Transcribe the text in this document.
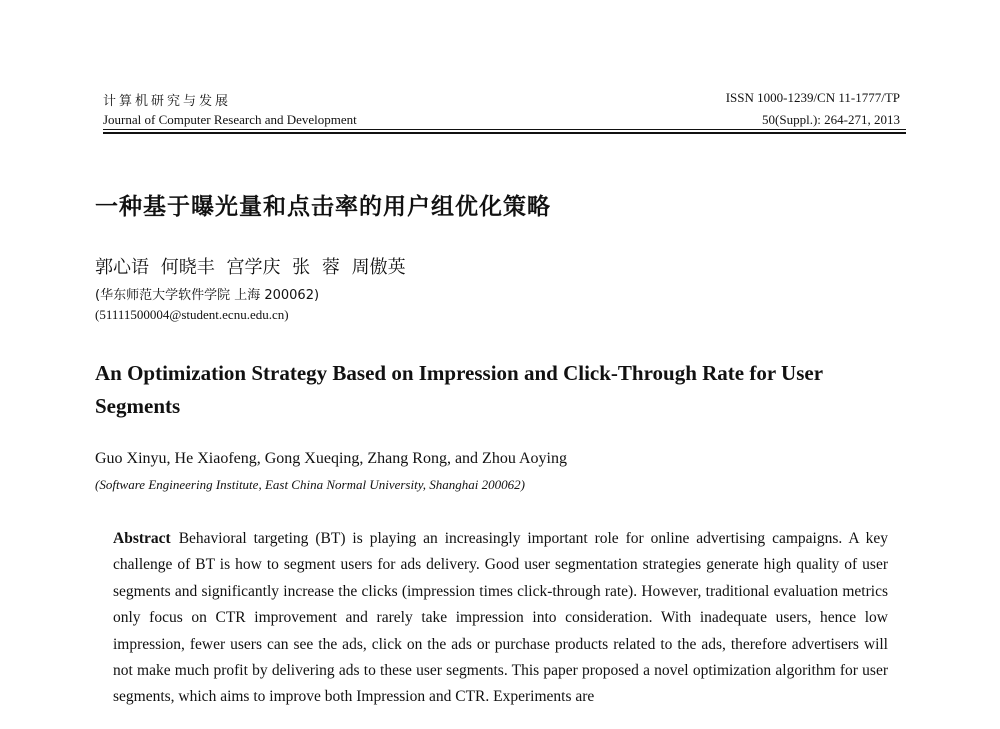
计算机研究与发展
Journal of Computer Research and Development
ISSN 1000-1239/CN 11-1777/TP
50(Suppl.): 264-271, 2013
一种基于曝光量和点击率的用户组优化策略
郭心语 何晓丰 宫学庆 张 蓉 周傲英
(华东师范大学软件学院 上海 200062)
(51111500004@student.ecnu.edu.cn)
An Optimization Strategy Based on Impression and Click-Through Rate for User Segments
Guo Xinyu, He Xiaofeng, Gong Xueqing, Zhang Rong, and Zhou Aoying
(Software Engineering Institute, East China Normal University, Shanghai 200062)
Abstract Behavioral targeting (BT) is playing an increasingly important role for online advertising campaigns. A key challenge of BT is how to segment users for ads delivery. Good user segmentation strategies generate high quality of user segments and significantly increase the clicks (impression times click-through rate). However, traditional evaluation metrics only focus on CTR improvement and rarely take impression into consideration. With inadequate users, hence low impression, fewer users can see the ads, click on the ads or purchase products related to the ads, therefore advertisers will not make much profit by delivering ads to these user segments. This paper proposed a novel optimization algorithm for user segments, which aims to improve both Impression and CTR. Experiments are
